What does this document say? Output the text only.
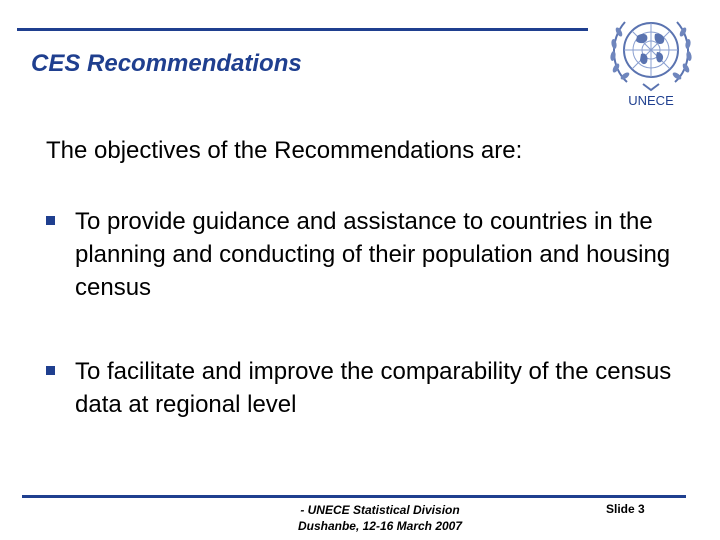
CES Recommendations
UNECE
The objectives of the Recommendations are:
To provide guidance and assistance to countries in the planning and conducting of their population and housing census
To facilitate and improve the comparability of the census data at regional level
- UNECE Statistical Division
Dushanbe, 12-16 March 2007
Slide 3
